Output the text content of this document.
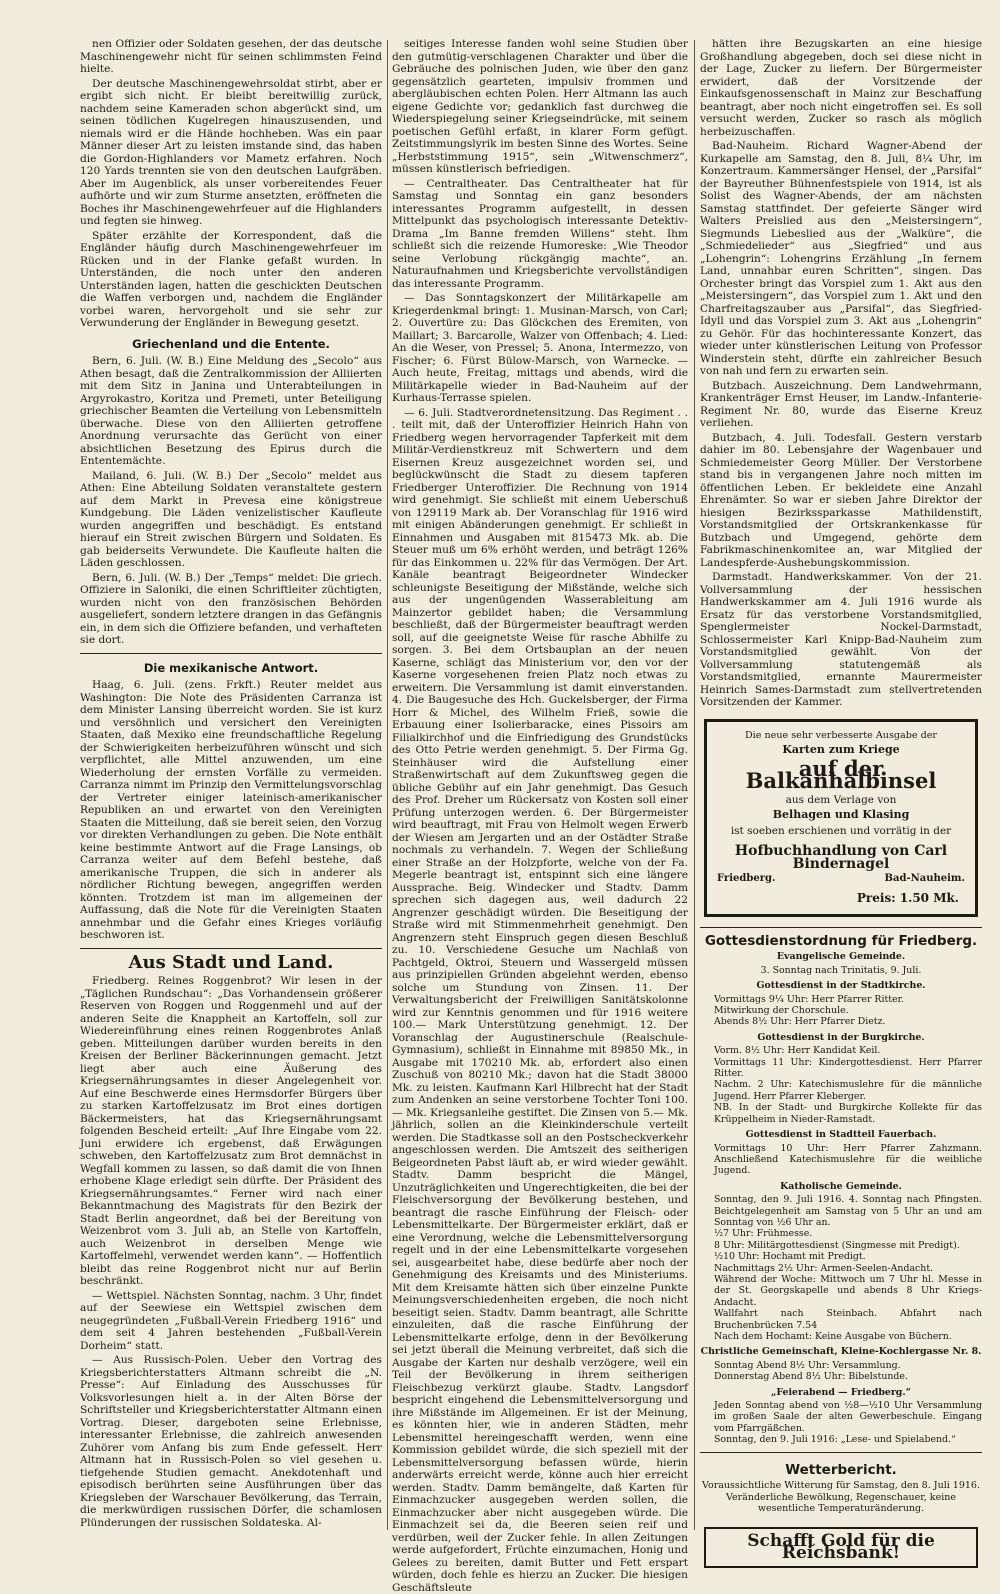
nen Offizier oder Soldaten gesehen, der das deutsche Maschinengewehr nicht für seinen schlimmsten Feind hielte.

Der deutsche Maschinengewehrsoldat stirbt, aber er ergibt sich nicht. Er bleibt bereitwillig zurück, nachdem seine Kameraden schon abgerückt sind, um seinen tödlichen Kugelregen hinauszusenden, und niemals wird er die Hände hochheben. Was ein paar Männer dieser Art zu leisten imstande sind, das haben die Gordon-Highlanders vor Mametz erfahren. Noch 120 Yards trennten sie von den deutschen Laufgräben. Aber im Augenblick, als unser vorbereitendes Feuer aufhörte und wir zum Sturme ansetzten, eröffneten die Boches ihr Maschinengewehrfeuer auf die Highlanders und fegten sie hinweg.

Später erzählte der Korrespondent, daß die Engländer häufig durch Maschinengewehrfeuer im Rücken und in der Flanke gefaßt wurden. In Unterständen, die noch unter den anderen Unterständen lagen, hatten die geschickten Deutschen die Waffen verborgen und, nachdem die Engländer vorbei waren, hervorgeholt und sie sehr zur Verwunderung der Engländer in Bewegung gesetzt.

Griechenland und die Entente.

Bern, 6. Juli. (W. B.) Eine Meldung des „Secolo“ aus Athen besagt, daß die Zentralkommission der Alliierten mit dem Sitz in Janina und Unterabteilungen in Argyrokastro, Koritza und Premeti, unter Beteiligung griechischer Beamten die Verteilung von Lebensmitteln überwache. Diese von den Alliierten getroffene Anordnung verursachte das Gerücht von einer absichtlichen Besetzung des Epirus durch die Ententemächte.

Mailand, 6. Juli. (W. B.) Der „Secolo“ meldet aus Athen: Eine Abteilung Soldaten veranstaltete gestern auf dem Markt in Prevesa eine königstreue Kundgebung. Die Läden venizelistischer Kaufleute wurden angegriffen und beschädigt. Es entstand hierauf ein Streit zwischen Bürgern und Soldaten. Es gab beiderseits Verwundete. Die Kaufleute halten die Läden geschlossen.

Bern, 6. Juli. (W. B.) Der „Temps“ meldet: Die griech. Offiziere in Saloniki, die einen Schriftleiter züchtigten, wurden nicht von den französischen Behörden ausgeliefert, sondern letztere drangen in das Gefängnis ein, in dem sich die Offiziere befanden, und verhafteten sie dort.

Die mexikanische Antwort.

Haag, 6. Juli. (zens. Frkft.) Reuter meldet aus Washington: Die Note des Präsidenten Carranza ist dem Minister Lansing überreicht worden. Sie ist kurz und versöhnlich und versichert den Vereinigten Staaten, daß Mexiko eine freundschaftliche Regelung der Schwierigkeiten herbeizuführen wünscht und sich verpflichtet, alle Mittel anzuwenden, um eine Wiederholung der ernsten Vorfälle zu vermeiden. Carranza nimmt im Prinzip den Vermittelungsvorschlag der Vertreter einiger lateinisch-amerikanischer Republiken an und erwartet von den Vereinigten Staaten die Mitteilung, daß sie bereit seien, den Vorzug vor direkten Verhandlungen zu geben. Die Note enthält keine bestimmte Antwort auf die Frage Lansings, ob Carranza weiter auf dem Befehl bestehe, daß amerikanische Truppen, die sich in anderer als nördlicher Richtung bewegen, angegriffen werden könnten. Trotzdem ist man im allgemeinen der Auffassung, daß die Note für die Vereinigten Staaten annehmbar und die Gefahr eines Krieges vorläufig beschworen ist.

Aus Stadt und Land.

Friedberg. Reines Roggenbrot? Wir lesen in der „Täglichen Rundschau“: „Das Vorhandensein größerer Reserven von Roggen und Roggenmehl und auf der anderen Seite die Knappheit an Kartoffeln, soll zur Wiedereinführung eines reinen Roggenbrotes Anlaß geben. Mitteilungen darüber wurden bereits in den Kreisen der Berliner Bäckerinnungen gemacht. Jetzt liegt aber auch eine Äußerung des Kriegsernährungsamtes in dieser Angelegenheit vor. Auf eine Beschwerde eines Hermsdorfer Bürgers über zu starken Kartoffelzusatz im Brot eines dortigen Bäckermeisters, hat das Kriegsernährungsamt folgenden Bescheid erteilt: „Auf Ihre Eingabe vom 22. Juni erwidere ich ergebenst, daß Erwägungen schweben, den Kartoffelzusatz zum Brot demnächst in Wegfall kommen zu lassen, so daß damit die von Ihnen erhobene Klage erledigt sein dürfte. Der Präsident des Kriegsernährungsamtes.“ Ferner wird nach einer Bekanntmachung des Magistrats für den Bezirk der Stadt Berlin angeordnet, daß bei der Bereitung von Weizenbrot vom 3. Juli ab, an Stelle von Kartoffeln, auch Weizenbrot in derselben Menge wie Kartoffelmehl, verwendet werden kann“. — Hoffentlich bleibt das reine Roggenbrot nicht nur auf Berlin beschränkt.

— Wettspiel. Nächsten Sonntag, nachm. 3 Uhr, findet auf der Seewiese ein Wettspiel zwischen dem neugegründeten „Fußball-Verein Friedberg 1916“ und dem seit 4 Jahren bestehenden „Fußball-Verein Dorheim“ statt.

— Aus Russisch-Polen. Ueber den Vortrag des Kriegsberichterstatters Altmann schreibt die „N. Presse“: Auf Einladung des Ausschusses für Volksvorlesungen hielt a. in der Alten Börse der Schriftsteller und Kriegsberichterstatter Altmann einen Vortrag. Dieser, dargeboten seine Erlebnisse, interessanter Erlebnisse, die zahlreich anwesenden Zuhörer vom Anfang bis zum Ende gefesselt. Herr Altmann hat in Russisch-Polen so viel gesehen u. tiefgehende Studien gemacht. Anekdotenhaft und episodisch berührten seine Ausführungen über das Kriegsleben der Warschauer Bevölkerung, das Terrain, die merkwürdigen russischen Dörfer, die schamlosen Plünderungen der russischen Soldateska. Al-

seitiges Interesse fanden wohl seine Studien über den gutmütig-verschlagenen Charakter und über die Gebräuche des polnischen Juden, wie über den ganz gegensätzlich gearteten, impulsiv frommen und abergläubischen echten Polen. Herr Altmann las auch eigene Gedichte vor; gedanklich fast durchweg die Wiederspiegelung seiner Kriegseindrücke, mit seinem poetischen Gefühl erfaßt, in klarer Form gefügt. Zeitstimmungslyrik im besten Sinne des Wortes. Seine „Herbststimmung 1915“, sein „Witwenschmerz“, müssen künstlerisch befriedigen.

— Centraltheater. Das Centraltheater hat für Samstag und Sonntag ein ganz besonders interessantes Programm aufgestellt, in dessen Mittelpunkt das psychologisch interessante Detektiv-Drama „Im Banne fremden Willens“ steht. Ihm schließt sich die reizende Humoreske: „Wie Theodor seine Verlobung rückgängig machte“, an. Naturaufnahmen und Kriegsberichte vervollständigen das interessante Programm.

— Das Sonntagskonzert der Militärkapelle am Kriegerdenkmal bringt: 1. Musinan-Marsch, von Carl; 2. Ouvertüre zu: Das Glöckchen des Eremiten, von Maillart; 3. Barcarolle, Walzer von Offenbach; 4. Lied: An die Weser, von Pressel; 5. Anona, Intermezzo, von Fischer; 6. Fürst Bülow-Marsch, von Warnecke. — Auch heute, Freitag, mittags und abends, wird die Militärkapelle wieder in Bad-Nauheim auf der Kurhaus-Terrasse spielen.

— 6. Juli. Stadtverordnetensitzung. Das Regiment . . . teilt mit, daß der Unteroffizier Heinrich Hahn von Friedberg wegen hervorragender Tapferkeit mit dem Militär-Verdienstkreuz mit Schwertern und dem Eisernen Kreuz ausgezeichnet worden sei, und beglückwünscht die Stadt zu diesem tapferen Friedberger Unteroffizier. Die Rechnung von 1914 wird genehmigt. Sie schließt mit einem Ueberschuß von 129119 Mark ab. Der Voranschlag für 1916 wird mit einigen Abänderungen genehmigt. Er schließt in Einnahmen und Ausgaben mit 815473 Mk. ab. Die Steuer muß um 6% erhöht werden, und beträgt 126% für das Einkommen u. 22% für das Vermögen. Der Art. Kanäle beantragt Beigeordneter Windecker schleunigste Beseitigung der Mißstände, welche sich aus der ungenügenden Wasserableitung am Mainzertor gebildet haben; die Versammlung beschließt, daß der Bürgermeister beauftragt werden soll, auf die geeignetste Weise für rasche Abhilfe zu sorgen. 3. Bei dem Ortsbauplan an der neuen Kaserne, schlägt das Ministerium vor, den vor der Kaserne vorgesehenen freien Platz noch etwas zu erweitern. Die Versammlung ist damit einverstanden. 4. Die Baugesuche des Hch. Guckelsberger, der Firma Horr & Michel, des Wilhelm Frieß, sowie die Erbauung einer Isolierbaracke, eines Pissoirs am Filialkirchhof und die Einfriedigung des Grundstücks des Otto Petrie werden genehmigt. 5. Der Firma Gg. Steinhäuser wird die Aufstellung einer Straßenwirtschaft auf dem Zukunftsweg gegen die übliche Gebühr auf ein Jahr genehmigt. Das Gesuch des Prof. Dreher um Rückersatz von Kosten soll einer Prüfung unterzogen werden. 6. Der Bürgermeister wird beauftragt, mit Frau von Helmolt wegen Erwerb der Wiesen am Jergarten und an der Ostädter Straße nochmals zu verhandeln. 7. Wegen der Schließung einer Straße an der Holzpforte, welche von der Fa. Megerle beantragt ist, entspinnt sich eine längere Aussprache. Beig. Windecker und Stadtv. Damm sprechen sich dagegen aus, weil dadurch 22 Angrenzer geschädigt würden. Die Beseitigung der Straße wird mit Stimmenmehrheit genehmigt. Den Angrenzern steht Einspruch gegen diesen Beschluß zu. 10. Verschiedene Gesuche um Nachlaß von Pachtgeld, Oktroi, Steuern und Wassergeld müssen aus prinzipiellen Gründen abgelehnt werden, ebenso solche um Stundung von Zinsen. 11. Der Verwaltungsbericht der Freiwilligen Sanitätskolonne wird zur Kenntnis genommen und für 1916 weitere 100.— Mark Unterstützung genehmigt. 12. Der Voranschlag der Augustinerschule (Realschule-Gymnasium), schließt in Einnahme mit 89850 Mk., in Ausgabe mit 170210 Mk. ab, erfordert also einen Zuschuß von 80210 Mk.; davon hat die Stadt 38000 Mk. zu leisten. Kaufmann Karl Hilbrecht hat der Stadt zum Andenken an seine verstorbene Tochter Toni 100.— Mk. Kriegsanleihe gestiftet. Die Zinsen von 5.— Mk. jährlich, sollen an die Kleinkinderschule verteilt werden. Die Stadtkasse soll an den Postscheckverkehr angeschlossen werden. Die Amtszeit des seitherigen Beigeordneten Pabst läuft ab, er wird wieder gewählt. Stadtv. Damm bespricht die Mängel, Unzuträglichkeiten und Ungerechtigkeiten, die bei der Fleischversorgung der Bevölkerung bestehen, und beantragt die rasche Einführung der Fleisch- oder Lebensmittelkarte. Der Bürgermeister erklärt, daß er eine Verordnung, welche die Lebensmittelversorgung regelt und in der eine Lebensmittelkarte vorgesehen sei, ausgearbeitet habe, diese bedürfe aber noch der Genehmigung des Kreisamts und des Ministeriums. Mit dem Kreisamte hätten sich über einzelne Punkte Meinungsverschiedenheiten ergeben, die noch nicht beseitigt seien. Stadtv. Damm beantragt, alle Schritte einzuleiten, daß die rasche Einführung der Lebensmittelkarte erfolge, denn in der Bevölkerung sei jetzt überall die Meinung verbreitet, daß sich die Ausgabe der Karten nur deshalb verzögere, weil ein Teil der Bevölkerung in ihrem seitherigen Fleischbezug verkürzt glaube. Stadtv. Langsdorf bespricht eingehend die Lebensmittelversorgung und ihre Mißstände im Allgemeinen. Er ist der Meinung, es könnten hier, wie in anderen Städten, mehr Lebensmittel hereingeschafft werden, wenn eine Kommission gebildet würde, die sich speziell mit der Lebensmittelversorgung befassen würde, hierin anderwärts erreicht werde, könne auch hier erreicht werden. Stadtv. Damm bemängelte, daß Karten für Einmachzucker ausgegeben werden sollen, die Einmachzucker aber nicht ausgegeben würde. Die Einmachzeit sei da, die Beeren seien reif und verdürben, weil der Zucker fehle. In allen Zeitungen werde aufgefordert, Früchte einzumachen, Honig und Gelees zu bereiten, damit Butter und Fett erspart würden, doch fehle es hierzu an Zucker. Die hiesigen Geschäftsleute

hätten ihre Bezugskarten an eine hiesige Großhandlung abgegeben, doch sei diese nicht in der Lage, Zucker zu liefern. Der Bürgermeister erwidert, daß der Vorsitzende der Einkaufsgenossenschaft in Mainz zur Beschaffung beantragt, aber noch nicht eingetroffen sei. Es soll versucht werden, Zucker so rasch als möglich herbeizuschaffen.

Bad-Nauheim. Richard Wagner-Abend der Kurkapelle am Samstag, den 8. Juli, 8¼ Uhr, im Konzertraum. Kammersänger Hensel, der „Parsifal“ der Bayreuther Bühnenfestspiele von 1914, ist als Solist des Wagner-Abends, der am nächsten Samstag stattfindet. Der gefeierte Sänger wird Walters Preislied aus den „Meistersingern“, Siegmunds Liebeslied aus der „Walküre“, die „Schmiedelieder“ aus „Siegfried“ und aus „Lohengrin“: Lohengrins Erzählung „In fernem Land, unnahbar euren Schritten“, singen. Das Orchester bringt das Vorspiel zum 1. Akt aus den „Meistersingern“, das Vorspiel zum 1. Akt und den Charfreitagszauber aus „Parsifal“, das Siegfried-Idyll und das Vorspiel zum 3. Akt aus „Lohengrin“ zu Gehör. Für das hochinteressante Konzert, das wieder unter künstlerischen Leitung von Professor Winderstein steht, dürfte ein zahlreicher Besuch von nah und fern zu erwarten sein.

Butzbach. Auszeichnung. Dem Landwehrmann, Krankenträger Ernst Heuser, im Landw.-Infanterie-Regiment Nr. 80, wurde das Eiserne Kreuz verliehen.

Butzbach, 4. Juli. Todesfall. Gestern verstarb dahier im 80. Lebensjahre der Wagenbauer und Schmiedemeister Georg Müller. Der Verstorbene stand bis in vergangenen Jahre noch mitten im öffentlichen Leben. Er bekleidete eine Anzahl Ehrenämter. So war er sieben Jahre Direktor der hiesigen Bezirkssparkasse Mathildenstift, Vorstandsmitglied der Ortskrankenkasse für Butzbach und Umgegend, gehörte dem Fabrikmaschinenkomitee an, war Mitglied der Landespferde-Aushebungskommission.

Darmstadt. Handwerkskammer. Von der 21. Vollversammlung der hessischen Handwerkskammer am 4. Juli 1916 wurde als Ersatz für das verstorbene Vorstandsmitglied, Spenglermeister Nockel-Darmstadt, Schlossermeister Karl Knipp-Bad-Nauheim zum Vorstandsmitglied gewählt. Von der Vollversammlung statutengemäß als Vorstandsmitglied, ernannte Maurermeister Heinrich Sames-Darmstadt zum stellvertretenden Vorsitzenden der Kammer.

Die neue sehr verbesserte Ausgabe der
Karten zum Kriege
auf der Balkanhalbinsel
aus dem Verlage von
Belhagen und Klasing
ist soeben erschienen und vorrätig in der
Hofbuchhandlung von Carl Bindernagel
Friedberg.	Bad-Nauheim.
Preis: 1.50 Mk.
Gottesdienstordnung für Friedberg.
Evangelische Gemeinde.
3. Sonntag nach Trinitatis, 9. Juli.
Gottesdienst in der Stadtkirche.
Vormittags 9¼ Uhr: Herr Pfarrer Ritter.
Mitwirkung der Chorschule.
Abends 8½ Uhr: Herr Pfarrer Dietz.
Gottesdienst in der Burgkirche.
Vorm. 8½ Uhr: Herr Kandidat Keil.
Vormittags 11 Uhr: Kindergottesdienst. Herr Pfarrer Ritter.
Nachm. 2 Uhr: Katechismuslehre für die männliche Jugend. Herr Pfarrer Kleberger.
NB. In der Stadt- und Burgkirche Kollekte für das Krüppelheim in Nieder-Ramstadt.
Gottesdienst in Stadtteil Fauerbach.
Vormittags 10 Uhr: Herr Pfarrer Zahzmann. Anschließend Katechismuslehre für die weibliche Jugend.
Katholische Gemeinde.
Sonntag, den 9. Juli 1916. 4. Sonntag nach Pfingsten. Beichtgelegenheit am Samstag von 5 Uhr an und am Sonntag von ½6 Uhr an.
½7 Uhr: Frühmesse.
8 Uhr: Militärgottesdienst (Singmesse mit Predigt).
½10 Uhr: Hochamt mit Predigt.
Nachmittags 2½ Uhr: Armen-Seelen-Andacht.
Während der Woche: Mittwoch um 7 Uhr hl. Messe in der St. Georgskapelle und abends 8 Uhr Kriegs-Andacht.
Wallfahrt nach Steinbach. Abfahrt nach Bruchenbrücken 7.54
Nach dem Hochamt: Keine Ausgabe von Büchern.
Christliche Gemeinschaft, Kleine-Kochlergasse Nr. 8.
Sonntag Abend 8½ Uhr: Versammlung.
Donnerstag Abend 8½ Uhr: Bibelstunde.
„Feierabend — Friedberg.“
Jeden Sonntag abend von ½8—½10 Uhr Versammlung im großen Saale der alten Gewerbeschule. Eingang vom Pfarrgäßchen.
Sonntag, den 9. Juli 1916: „Lese- und Spielabend.“
Wetterbericht.
Voraussichtliche Witterung für Samstag, den 8. Juli 1916.
Veränderliche Bewölkung, Regenschauer, keine wesentliche Temperaturänderung.
Schafft Gold für die Reichsbank!
